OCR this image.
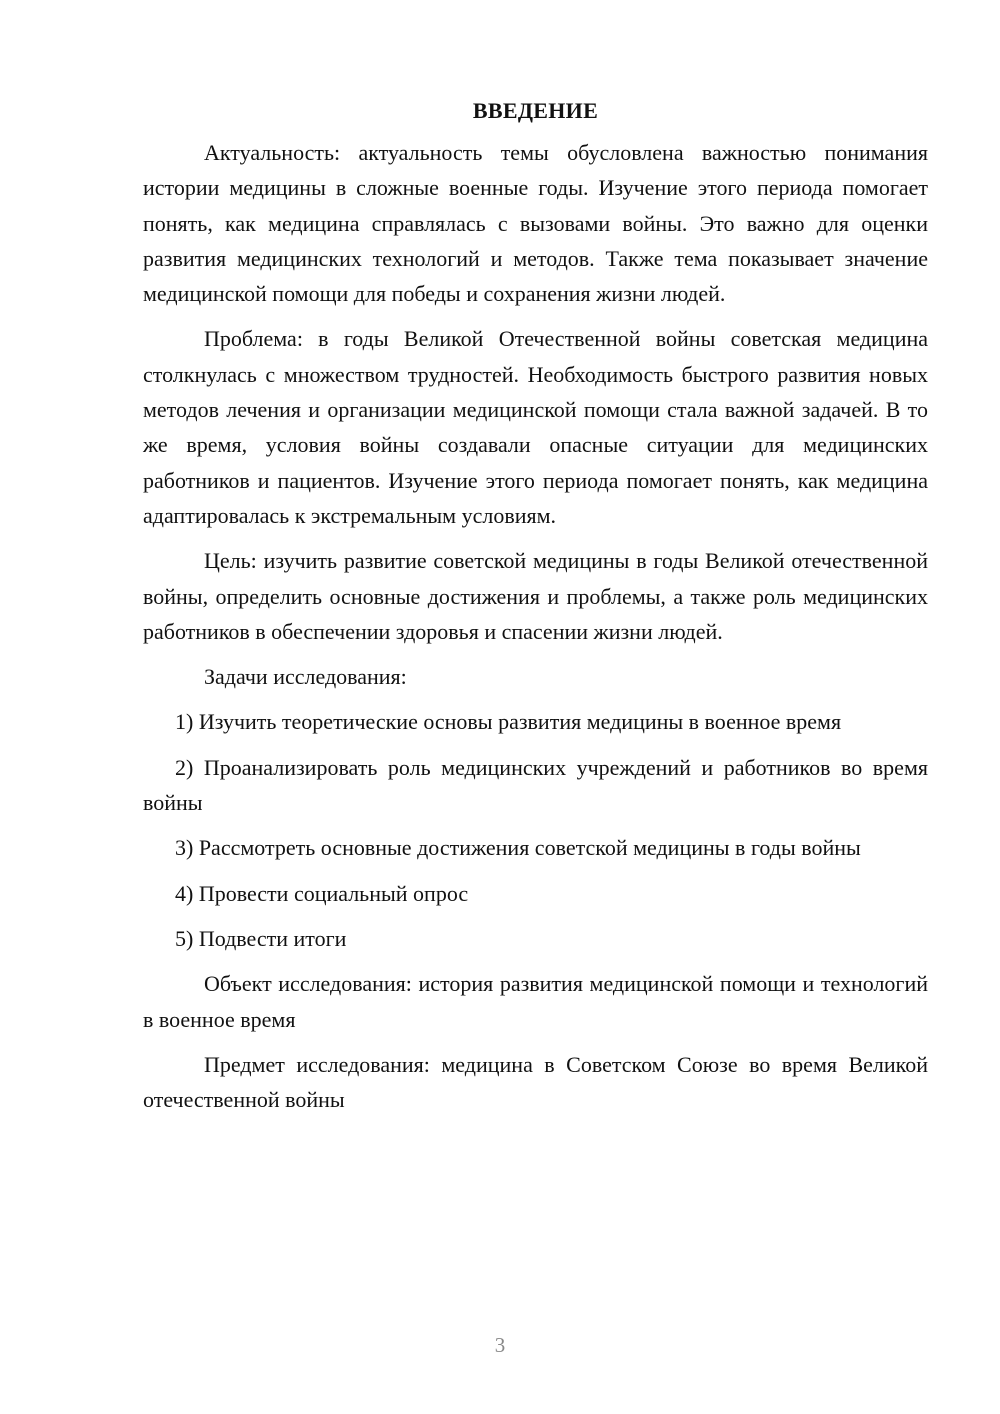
ВВЕДЕНИЕ

Актуальность: актуальность темы обусловлена важностью понимания истории медицины в сложные военные годы. Изучение этого периода помогает понять, как медицина справлялась с вызовами войны. Это важно для оценки развития медицинских технологий и методов. Также тема показывает значение медицинской помощи для победы и сохранения жизни людей.

Проблема: в годы Великой Отечественной войны советская медицина столкнулась с множеством трудностей. Необходимость быстрого развития новых методов лечения и организации медицинской помощи стала важной задачей. В то же время, условия войны создавали опасные ситуации для медицинских работников и пациентов. Изучение этого периода помогает понять, как медицина адаптировалась к экстремальным условиям.

Цель: изучить развитие советской медицины в годы Великой отечественной войны, определить основные достижения и проблемы, а также роль медицинских работников в обеспечении здоровья и спасении жизни людей.

Задачи исследования:

1) Изучить теоретические основы развития медицины в военное время

2) Проанализировать роль медицинских учреждений и работников во время войны

3) Рассмотреть основные достижения советской медицины в годы войны

4) Провести социальный опрос

5) Подвести итоги

Объект исследования: история развития медицинской помощи и технологий в военное время

Предмет исследования: медицина в Советском Союзе во время Великой отечественной войны

3
